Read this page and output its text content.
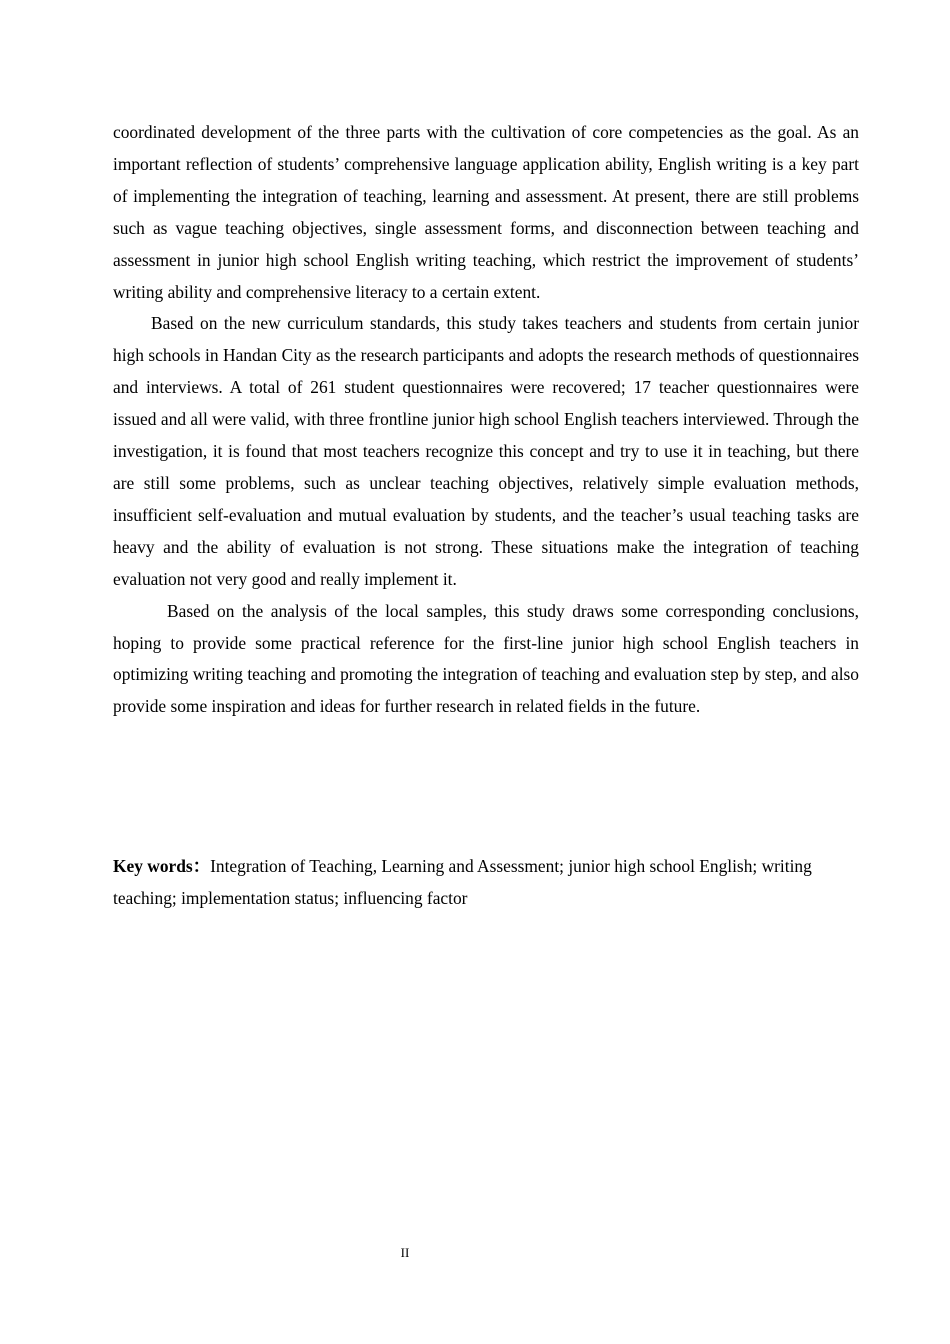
coordinated development of the three parts with the cultivation of core competencies as the goal. As an important reflection of students’ comprehensive language application ability, English writing is a key part of implementing the integration of teaching, learning and assessment. At present, there are still problems such as vague teaching objectives, single assessment forms, and disconnection between teaching and assessment in junior high school English writing teaching, which restrict the improvement of students’ writing ability and comprehensive literacy to a certain extent.

Based on the new curriculum standards, this study takes teachers and students from certain junior high schools in Handan City as the research participants and adopts the research methods of questionnaires and interviews. A total of 261 student questionnaires were recovered; 17 teacher questionnaires were issued and all were valid, with three frontline junior high school English teachers interviewed. Through the investigation, it is found that most teachers recognize this concept and try to use it in teaching, but there are still some problems, such as unclear teaching objectives, relatively simple evaluation methods, insufficient self-evaluation and mutual evaluation by students, and the teacher’s usual teaching tasks are heavy and the ability of evaluation is not strong. These situations make the integration of teaching evaluation not very good and really implement it.

Based on the analysis of the local samples, this study draws some corresponding conclusions, hoping to provide some practical reference for the first-line junior high school English teachers in optimizing writing teaching and promoting the integration of teaching and evaluation step by step, and also provide some inspiration and ideas for further research in related fields in the future.

Key words：Integration of Teaching, Learning and Assessment; junior high school English; writing teaching; implementation status; influencing factor
II
